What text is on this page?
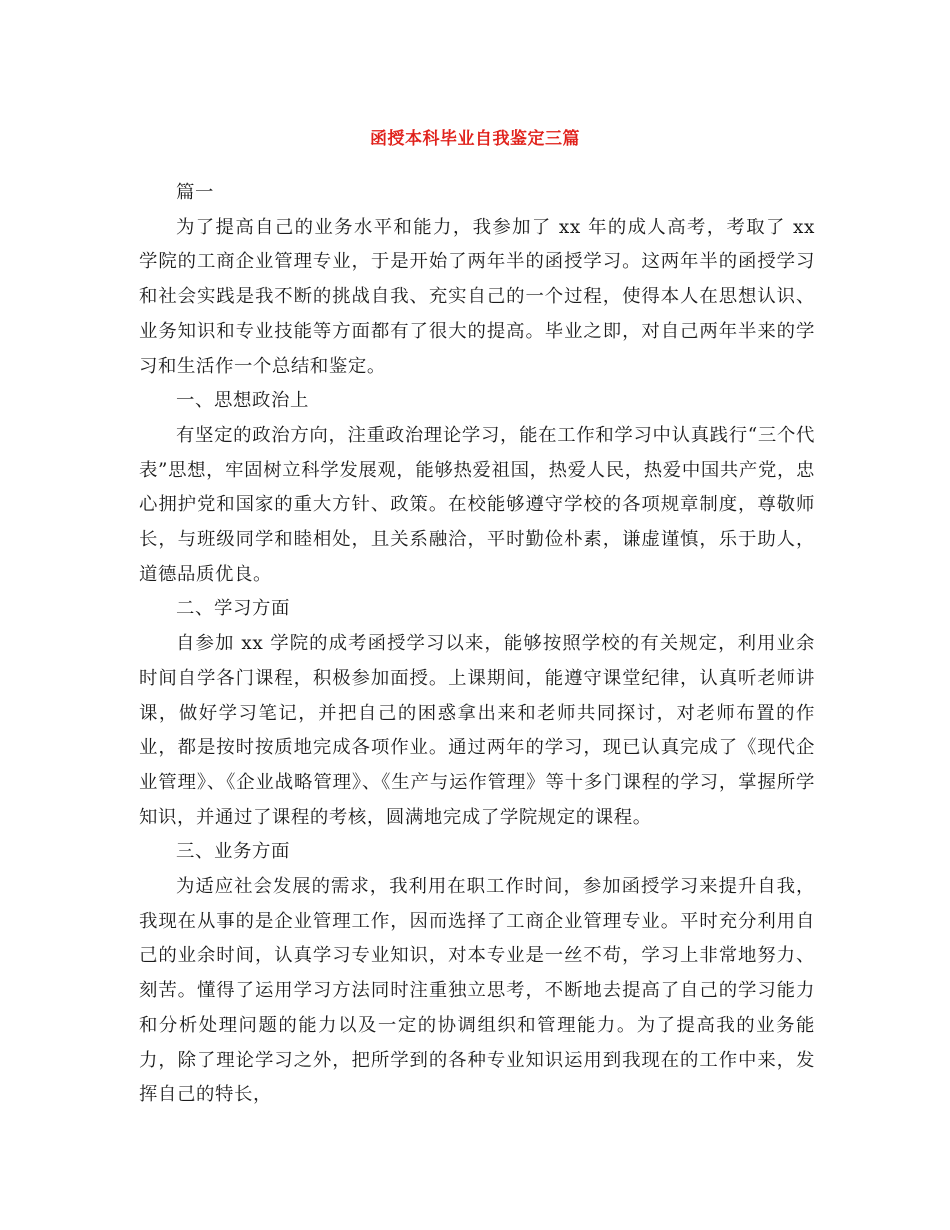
函授本科毕业自我鉴定三篇

篇一

为了提高自己的业务水平和能力，我参加了 xx 年的成人高考，考取了 xx 学院的工商企业管理专业，于是开始了两年半的函授学习。这两年半的函授学习和社会实践是我不断的挑战自我、充实自己的一个过程，使得本人在思想认识、业务知识和专业技能等方面都有了很大的提高。毕业之即，对自己两年半来的学习和生活作一个总结和鉴定。

一、思想政治上

有坚定的政治方向，注重政治理论学习，能在工作和学习中认真践行“三个代表”思想，牢固树立科学发展观，能够热爱祖国，热爱人民，热爱中国共产党，忠心拥护党和国家的重大方针、政策。在校能够遵守学校的各项规章制度，尊敬师长，与班级同学和睦相处，且关系融洽，平时勤俭朴素，谦虚谨慎，乐于助人，道德品质优良。

二、学习方面

自参加 xx 学院的成考函授学习以来，能够按照学校的有关规定，利用业余时间自学各门课程，积极参加面授。上课期间，能遵守课堂纪律，认真听老师讲课，做好学习笔记，并把自己的困惑拿出来和老师共同探讨，对老师布置的作业，都是按时按质地完成各项作业。通过两年的学习，现已认真完成了《现代企业管理》、《企业战略管理》、《生产与运作管理》等十多门课程的学习，掌握所学知识，并通过了课程的考核，圆满地完成了学院规定的课程。

三、业务方面

为适应社会发展的需求，我利用在职工作时间，参加函授学习来提升自我，我现在从事的是企业管理工作，因而选择了工商企业管理专业。平时充分利用自己的业余时间，认真学习专业知识，对本专业是一丝不苟，学习上非常地努力、刻苦。懂得了运用学习方法同时注重独立思考，不断地去提高了自己的学习能力和分析处理问题的能力以及一定的协调组织和管理能力。为了提高我的业务能力，除了理论学习之外，把所学到的各种专业知识运用到我现在的工作中来，发挥自己的特长，
